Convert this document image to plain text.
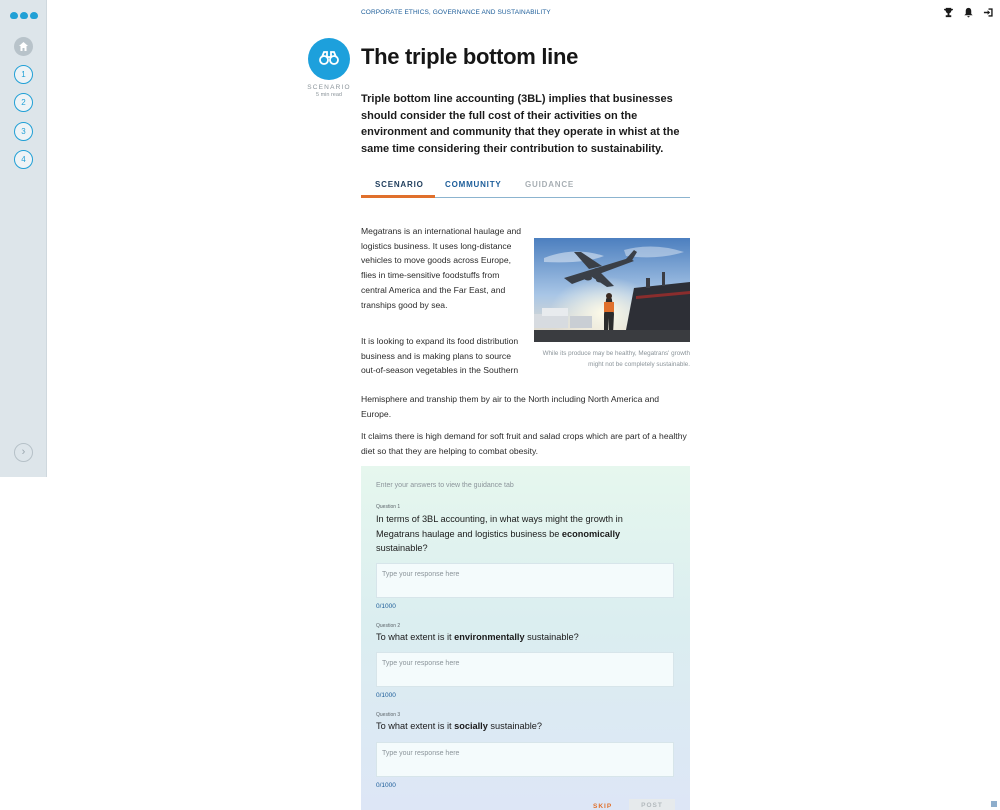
1
2
3
4
›
CORPORATE ETHICS, GOVERNANCE AND SUSTAINABILITY
SCENARIO
5 min read
The triple bottom line

Triple bottom line accounting (3BL) implies that businesses should consider the full cost of their activities on the environment and community that they operate in whist at the same time considering their contribution to sustainability.

SCENARIO	COMMUNITY	GUIDANCE

Megatrans is an international haulage and logistics business. It uses long-distance vehicles to move goods across Europe, flies in time-sensitive foodstuffs from central America and the Far East, and tranships good by sea.

It is looking to expand its food distribution business and is making plans to source out-of-season vegetables in the Southern

Hemisphere and tranship them by air to the North including North America and Europe.

It claims there is high demand for soft fruit and salad crops which are part of a healthy diet so that they are helping to combat obesity.

While its produce may be healthy, Megatrans' growth might not be completely sustainable.

Enter your answers to view the guidance tab
Question 1
In terms of 3BL accounting, in what ways might the growth in Megatrans haulage and logistics business be economically sustainable?
Type your response here
0/1000
Question 2
To what extent is it environmentally sustainable?
Type your response here
0/1000
Question 3
To what extent is it socially sustainable?
Type your response here
0/1000
SKIP	POST
